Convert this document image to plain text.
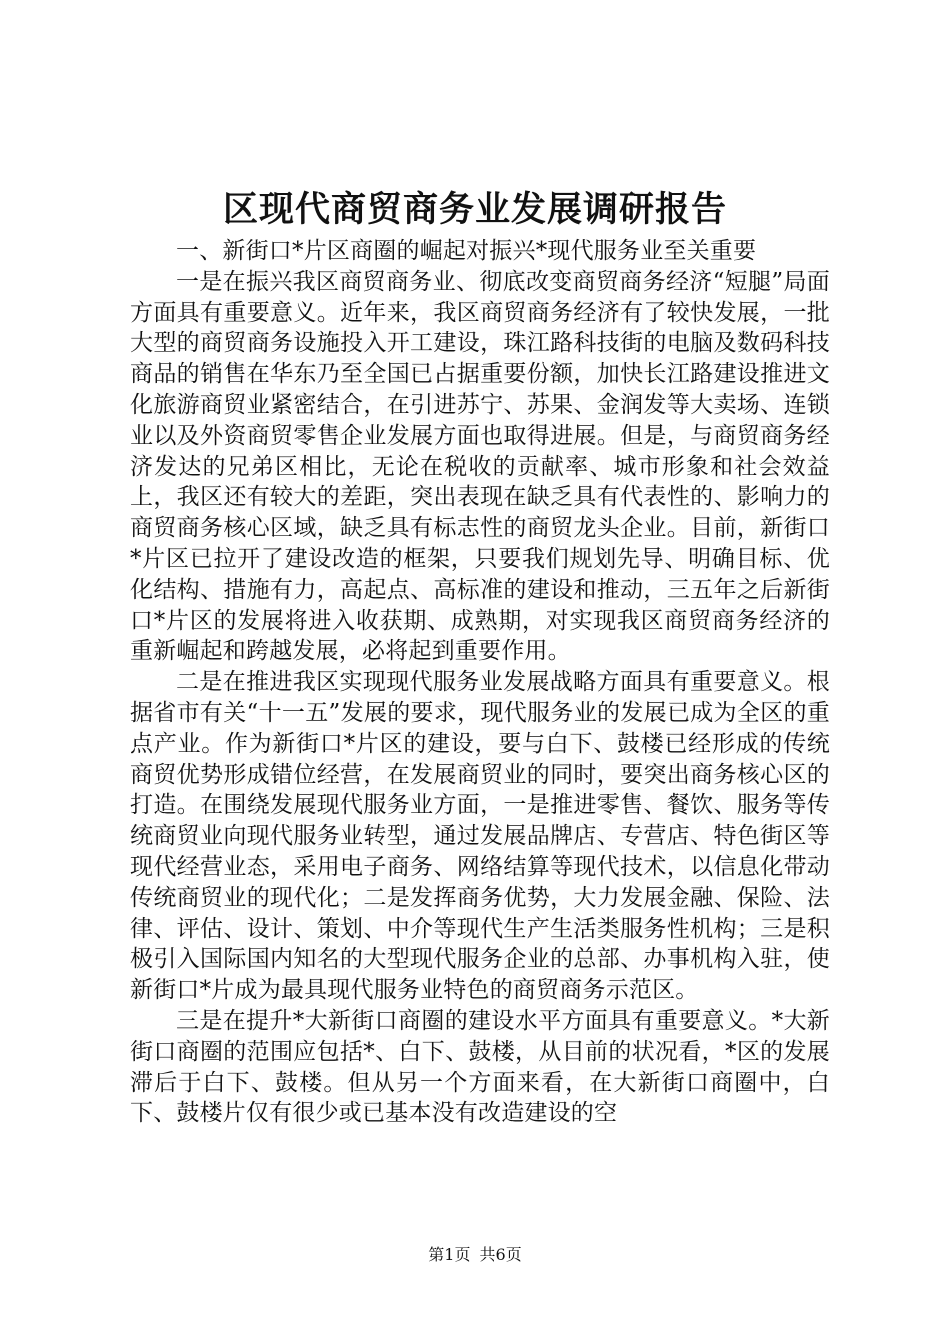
区现代商贸商务业发展调研报告

一、新街口*片区商圈的崛起对振兴*现代服务业至关重要

一是在振兴我区商贸商务业、彻底改变商贸商务经济“短腿”局面方面具有重要意义。近年来，我区商贸商务经济有了较快发展，一批大型的商贸商务设施投入开工建设，珠江路科技街的电脑及数码科技商品的销售在华东乃至全国已占据重要份额，加快长江路建设推进文化旅游商贸业紧密结合，在引进苏宁、苏果、金润发等大卖场、连锁业以及外资商贸零售企业发展方面也取得进展。但是，与商贸商务经济发达的兄弟区相比，无论在税收的贡献率、城市形象和社会效益上，我区还有较大的差距，突出表现在缺乏具有代表性的、影响力的商贸商务核心区域，缺乏具有标志性的商贸龙头企业。目前，新街口*片区已拉开了建设改造的框架，只要我们规划先导、明确目标、优化结构、措施有力，高起点、高标准的建设和推动，三五年之后新街口*片区的发展将进入收获期、成熟期，对实现我区商贸商务经济的重新崛起和跨越发展，必将起到重要作用。

二是在推进我区实现现代服务业发展战略方面具有重要意义。根据省市有关“十一五”发展的要求，现代服务业的发展已成为全区的重点产业。作为新街口*片区的建设，要与白下、鼓楼已经形成的传统商贸优势形成错位经营，在发展商贸业的同时，要突出商务核心区的打造。在围绕发展现代服务业方面，一是推进零售、餐饮、服务等传统商贸业向现代服务业转型，通过发展品牌店、专营店、特色街区等现代经营业态，采用电子商务、网络结算等现代技术，以信息化带动传统商贸业的现代化；二是发挥商务优势，大力发展金融、保险、法律、评估、设计、策划、中介等现代生产生活类服务性机构；三是积极引入国际国内知名的大型现代服务企业的总部、办事机构入驻，使新街口*片成为最具现代服务业特色的商贸商务示范区。

三是在提升*大新街口商圈的建设水平方面具有重要意义。*大新街口商圈的范围应包括*、白下、鼓楼，从目前的状况看，*区的发展滞后于白下、鼓楼。但从另一个方面来看，在大新街口商圈中，白下、鼓楼片仅有很少或已基本没有改造建设的空

第1页 共6页
